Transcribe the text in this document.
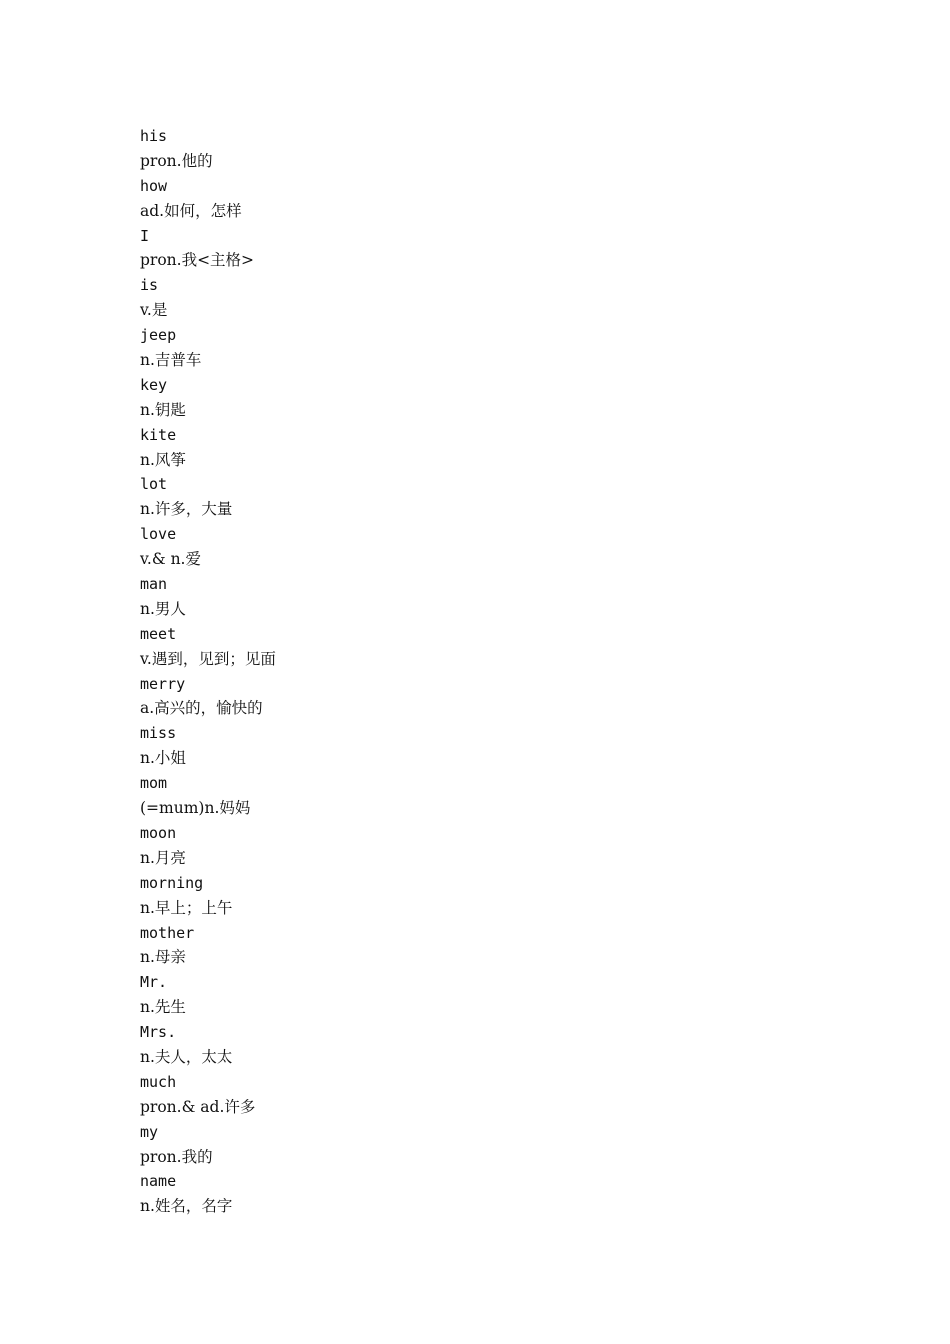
his
pron.他的
how
ad.如何，怎样
I
pron.我<主格>
is
v.是
jeep
n.吉普车
key
n.钥匙
kite
n.风筝
lot
n.许多，大量
love
v.& n.爱
man
n.男人
meet
v.遇到，见到；见面
merry
a.高兴的，愉快的
miss
n.小姐
mom
(=mum)n.妈妈
moon
n.月亮
morning
n.早上；上午
mother
n.母亲
Mr.
n.先生
Mrs.
n.夫人，太太
much
pron.& ad.许多
my
pron.我的
name
n.姓名，名字
